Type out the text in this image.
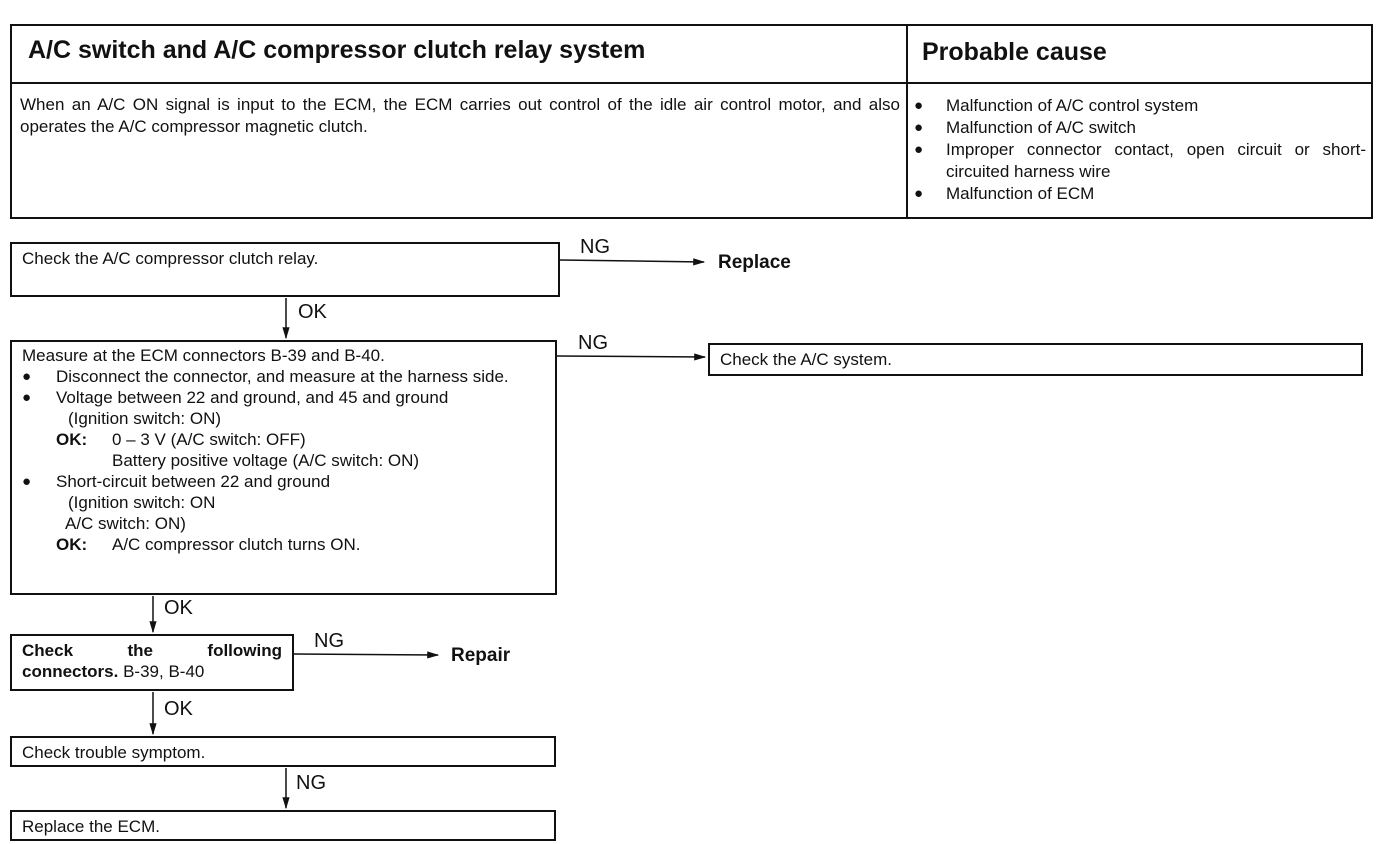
A/C switch and A/C compressor clutch relay system	Probable cause
When an A/C ON signal is input to the ECM, the ECM carries out control of the idle air control motor, and also operates the A/C compressor magnetic clutch.
●	Malfunction of A/C control system
●	Malfunction of A/C switch
●	Improper connector contact, open circuit or short-circuited harness wire
●	Malfunction of ECM
NG
Replace
OK
NG
OK
NG
Repair
OK
NG
Check the A/C compressor clutch relay.
Measure at the ECM connectors B-39 and B-40.
●	Disconnect the connector, and measure at the harness side.
●	Voltage between 22 and ground, and 45 and ground
(Ignition switch: ON)
OK:	0 – 3 V (A/C switch: OFF)
Battery positive voltage (A/C switch: ON)
●	Short-circuit between 22 and ground
(Ignition switch: ON
A/C switch: ON)
OK:	A/C compressor clutch turns ON.
Check the A/C system.
Check the following connectors. B-39, B-40
Check trouble symptom.
Replace the ECM.
